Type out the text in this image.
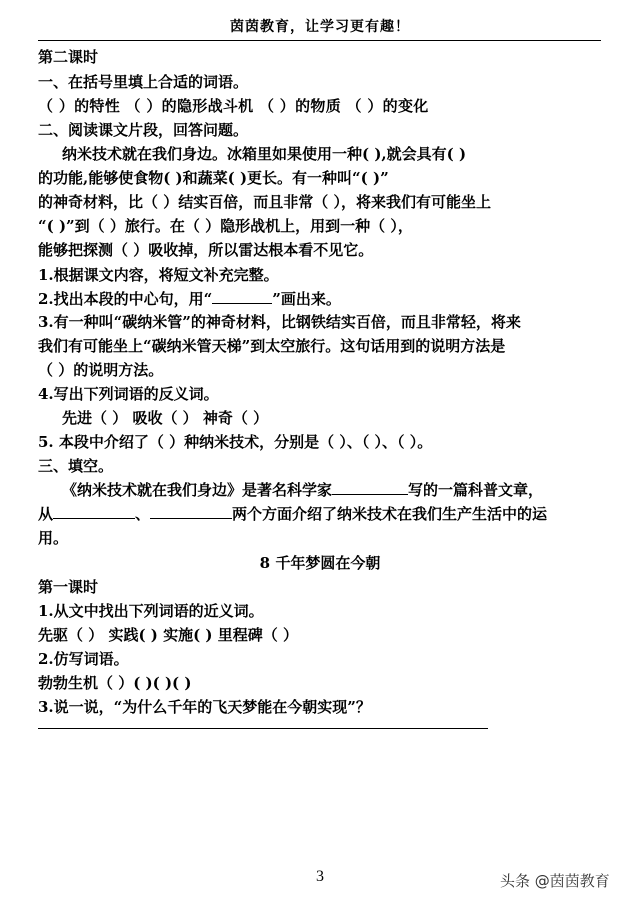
茵茵教育，让学习更有趣！
第二课时
一、在括号里填上合适的词语。
（ ）的特性 （ ）的隐形战斗机 （ ）的物质 （ ）的变化
二、阅读课文片段，回答问题。
纳米技术就在我们身边。冰箱里如果使用一种( ),就会具有( )
的功能,能够使食物( )和蔬菜( )更长。有一种叫“( )”
的神奇材料，比（ ）结实百倍，而且非常（ ），将来我们有可能坐上
“( )”到（ ）旅行。在（ ）隐形战机上，用到一种（ ），
能够把探测（ ）吸收掉，所以雷达根本看不见它。
1.根据课文内容，将短文补充完整。
2.找出本段的中心句，用“	”画出来。
3.有一种叫“碳纳米管”的神奇材料，比钢铁结实百倍，而且非常轻，将来
我们有可能坐上“碳纳米管天梯”到太空旅行。这句话用到的说明方法是
（ ）的说明方法。
4.写出下列词语的反义词。
先进（ ） 吸收（ ） 神奇（ ）
5. 本段中介绍了（ ）种纳米技术，分别是（ ）、（ ）、（ ）。
三、填空。
《纳米技术就在我们身边》是著名科学家	写的一篇科普文章，
从	、	两个方面介绍了纳米技术在我们生产生活中的运
用。
8 千年梦圆在今朝
第一课时
1.从文中找出下列词语的近义词。
先驱（ ） 实践( ) 实施( ) 里程碑（ ）
2.仿写词语。
勃勃生机（ ）( )( )( )
3.说一说，“为什么千年的飞天梦能在今朝实现”？
3	头条 @茵茵教育
